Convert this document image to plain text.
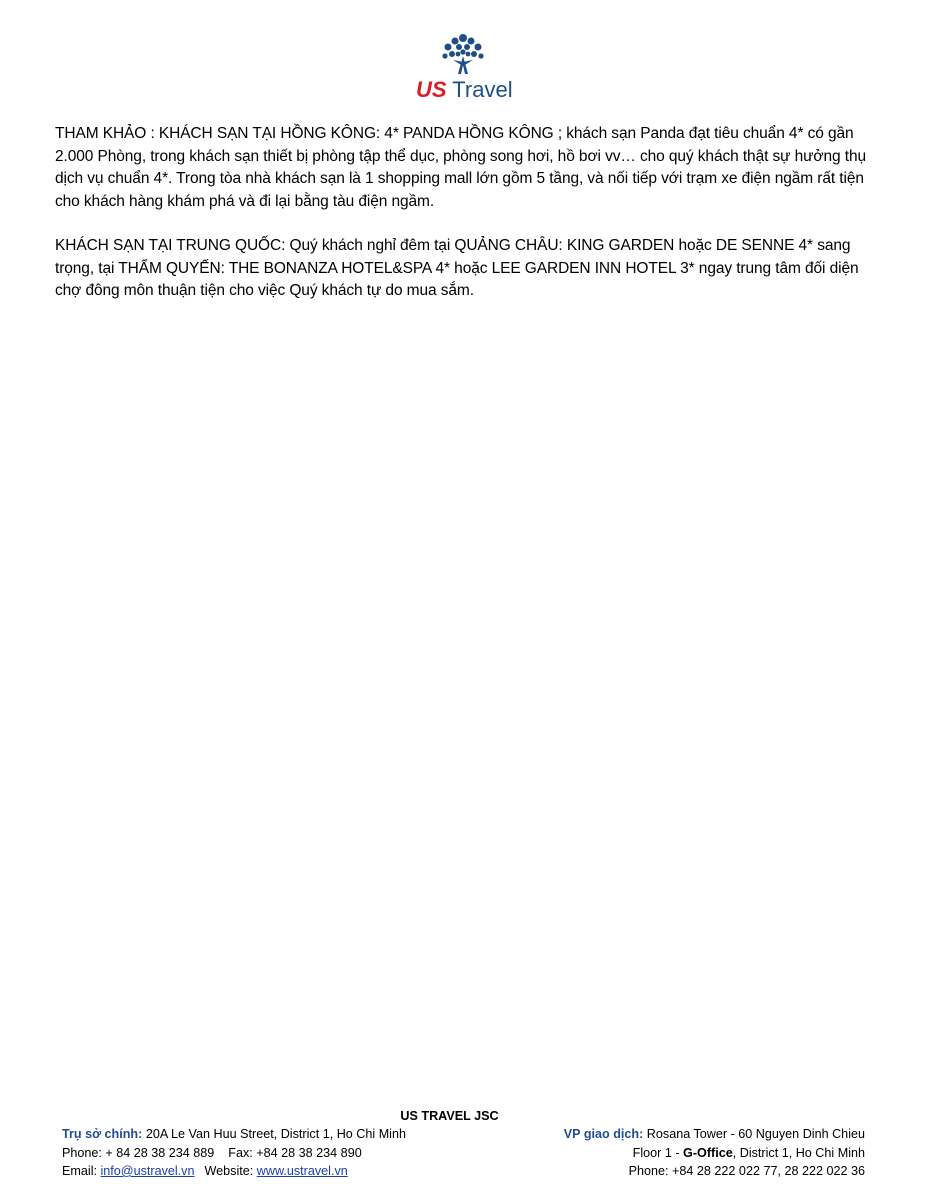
US Travel

THAM KHẢO : KHÁCH SẠN TẠI HỒNG KÔNG: 4* PANDA HỒNG KÔNG ; khách sạn Panda đạt tiêu chuẩn 4* có gần 2.000 Phòng, trong khách sạn thiết bị phòng tập thể dục, phòng song hơi, hồ bơi vv… cho quý khách thật sự hưởng thụ dịch vụ chuẩn 4*. Trong tòa nhà khách sạn là 1 shopping mall lớn gồm 5 tầng, và nối tiếp với trạm xe điện ngầm rất tiện cho khách hàng khám phá và đi lại bằng tàu điện ngầm.

KHÁCH SẠN TẠI TRUNG QUỐC: Quý khách nghỉ đêm tại QUẢNG CHÂU: KING GARDEN hoặc DE SENNE 4* sang trọng, tại THẨM QUYẾN: THE BONANZA HOTEL&SPA 4* hoặc LEE GARDEN INN HOTEL 3* ngay trung tâm đối diện chợ đông môn thuận tiện cho việc Quý khách tự do mua sắm.

US TRAVEL JSC
Trụ sở chính: 20A Le Van Huu Street, District 1, Ho Chi Minh
Phone: + 84 28 38 234 889    Fax: +84 28 38 234 890
Email: info@ustravel.vn Website: www.ustravel.vn
VP giao dịch: Rosana Tower - 60 Nguyen Dinh Chieu
Floor 1 - G-Office, District 1, Ho Chi Minh
Phone: +84 28 222 022 77, 28 222 022 36
